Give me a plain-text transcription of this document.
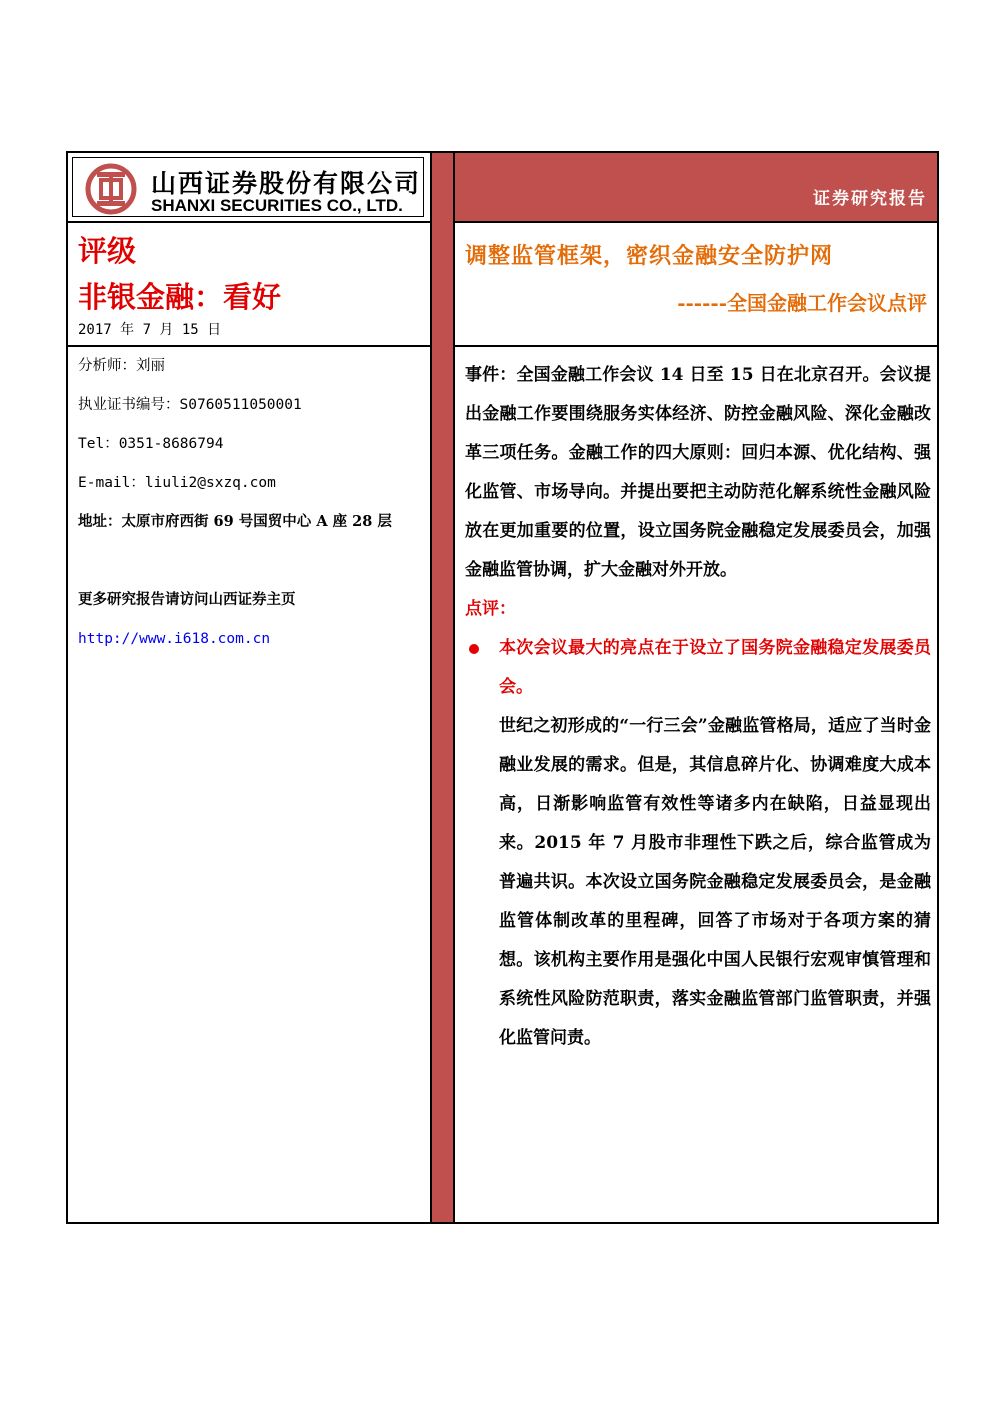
山西证券股份有限公司
SHANXI SECURITIES CO., LTD.
评级
非银金融：看好
2017 年 7 月 15 日
分析师：刘丽
执业证书编号：S0760511050001
Tel：0351-8686794
E-mail：liuli2@sxzq.com
地址：太原市府西街 69 号国贸中心 A 座 28 层
更多研究报告请访问山西证券主页
http://www.i618.com.cn
证券研究报告
调整监管框架，密织金融安全防护网
------全国金融工作会议点评

事件：全国金融工作会议 14 日至 15 日在北京召开。会议提出金融工作要围绕服务实体经济、防控金融风险、深化金融改革三项任务。金融工作的四大原则：回归本源、优化结构、强化监管、市场导向。并提出要把主动防范化解系统性金融风险放在更加重要的位置，设立国务院金融稳定发展委员会，加强金融监管协调，扩大金融对外开放。

点评：

本次会议最大的亮点在于设立了国务院金融稳定发展委员会。

世纪之初形成的“一行三会”金融监管格局，适应了当时金融业发展的需求。但是，其信息碎片化、协调难度大成本高，日渐影响监管有效性等诸多内在缺陷，日益显现出来。2015 年 7 月股市非理性下跌之后，综合监管成为普遍共识。本次设立国务院金融稳定发展委员会，是金融监管体制改革的里程碑，回答了市场对于各项方案的猜想。该机构主要作用是强化中国人民银行宏观审慎管理和系统性风险防范职责，落实金融监管部门监管职责，并强化监管问责。
